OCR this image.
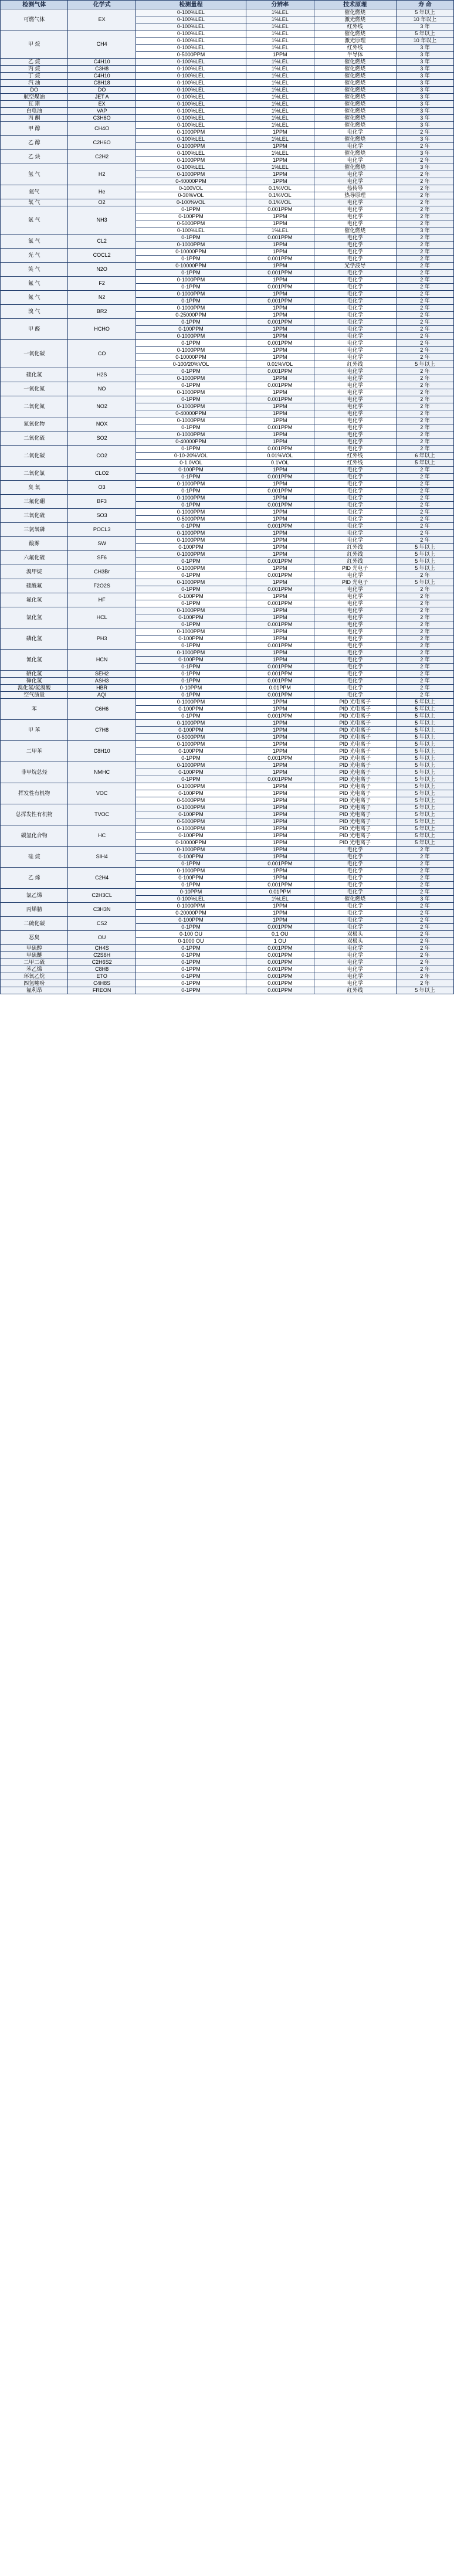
检测气体	化学式	检测量程	分辨率	技术原理	寿 命
可燃气体	EX	0-100%LEL	1%LEL	催化燃烧	5 年以上
		0-100%LEL	1%LEL	激光燃烧	10 年以上
		0-100%LEL	1%LEL	红外线	3 年
甲 烷	CH4	0-100%LEL	1%LEL	催化燃烧	5 年以上
		0-100%LEL	1%LEL	激光原理	10 年以上
		0-100%LEL	1%LEL	红外线	3 年
		0-5000PPM	1PPM	半导体	3 年
乙 烷	C4H10	0-100%LEL	1%LEL	催化燃烧	3 年
丙 烷	C3H8	0-100%LEL	1%LEL	催化燃烧	3 年
丁 烷	C4H10	0-100%LEL	1%LEL	催化燃烧	3 年
汽 油	C8H18	0-100%LEL	1%LEL	催化燃烧	3 年
DO	DO	0-100%LEL	1%LEL	催化燃烧	3 年
航空煤油	JET A	0-100%LEL	1%LEL	催化燃烧	3 年
瓦 斯	EX	0-100%LEL	1%LEL	催化燃烧	3 年
白电油	VAP	0-100%LEL	1%LEL	催化燃烧	3 年
丙 酮	C3H6O	0-100%LEL	1%LEL	催化燃烧	3 年
甲 醇	CH4O	0-100%LEL	1%LEL	催化燃烧	3 年
		0-1000PPM	1PPM	电化学	2 年
乙 醇	C2H6O	0-100%LEL	1%LEL	催化燃烧	3 年
		0-1000PPM	1PPM	电化学	2 年
乙 炔	C2H2	0-100%LEL	1%LEL	催化燃烧	3 年
		0-1000PPM	1PPM	电化学	2 年
氢 气	H2	0-100%LEL	1%LEL	催化燃烧	3 年
		0-1000PPM	1PPM	电化学	2 年
		0-40000PPM	1PPM	电化学	2 年
氦气	He	0-100VOL	0.1%VOL	热传导	2 年
		0-30%VOL	0.1%VOL	热导原理	2 年
氧 气	O2	0-100%VOL	0.1%VOL	电化学	2 年
氨 气	NH3	0-1PPM	0.001PPM	电化学	2 年
		0-100PPM	1PPM	电化学	2 年
		0-5000PPM	1PPM	电化学	2 年
		0-100%LEL	1%LEL	催化燃烧	3 年
氯 气	CL2	0-1PPM	0.001PPM	电化学	2 年
		0-1000PPM	1PPM	电化学	2 年
光 气	COCL2	0-10000PPM	1PPM	电化学	2 年
		0-1PPM	0.001PPM	电化学	2 年
笑 气	N2O	0-10000PPM	1PPM	光学波导	2 年
		0-1PPM	0.001PPM	电化学	2 年
氟 气	F2	0-1000PPM	1PPM	电化学	2 年
		0-1PPM	0.001PPM	电化学	2 年
氮 气	N2	0-1000PPM	1PPM	电化学	2 年
		0-1PPM	0.001PPM	电化学	2 年
溴 气	BR2	0-1000PPM	1PPM	电化学	2 年
		0-25000PPM	1PPM	电化学	2 年
甲 醛	HCHO	0-1PPM	0.001PPM	电化学	2 年
		0-100PPM	1PPM	电化学	2 年
		0-1000PPM	1PPM	电化学	2 年
一氧化碳	CO	0-1PPM	0.001PPM	电化学	2 年
		0-1000PPM	1PPM	电化学	2 年
		0-10000PPM	1PPM	电化学	2 年
		0-100/20%VOL	0.01%VOL	红外线	5 年以上
硫化氢	H2S	0-1PPM	0.001PPM	电化学	2 年
		0-1000PPM	1PPM	电化学	2 年
一氧化氮	NO	0-1PPM	0.001PPM	电化学	2 年
		0-1000PPM	1PPM	电化学	2 年
二氧化氮	NO2	0-1PPM	0.001PPM	电化学	2 年
		0-1000PPM	1PPM	电化学	2 年
		0-40000PPM	1PPM	电化学	2 年
氮氧化物	NOX	0-1000PPM	1PPM	电化学	2 年
		0-1PPM	0.001PPM	电化学	2 年
二氧化硫	SO2	0-1000PPM	1PPM	电化学	2 年
		0-40000PPM	1PPM	电化学	2 年
二氧化碳	CO2	0-1PPM	0.001PPM	电化学	2 年
		0-10-20%VOL	0.01%VOL	红外线	6 年以上
		0-1.0VOL	0.1VOL	红外线	5 年以上
二氧化氯	CLO2	0-100PPM	1PPM	电化学	2 年
		0-1PPM	0.001PPM	电化学	2 年
臭 氧	O3	0-1000PPM	1PPM	电化学	2 年
		0-1PPM	0.001PPM	电化学	2 年
三氟化硼	BF3	0-1000PPM	1PPM	电化学	2 年
		0-1PPM	0.001PPM	电化学	2 年
三氧化硫	SO3	0-1000PPM	1PPM	电化学	2 年
		0-5000PPM	1PPM	电化学	2 年
三氯氧磷	POCL3	0-1PPM	0.001PPM	电化学	2 年
		0-1000PPM	1PPM	电化学	2 年
酸雾	SW	0-1000PPM	1PPM	电化学	2 年
		0-100PPM	1PPM	红外线	5 年以上
六氟化硫	SF6	0-1000PPM	1PPM	红外线	5 年以上
		0-1PPM	0.001PPM	红外线	5 年以上
溴甲烷	CH3Br	0-1000PPM	1PPM	PID 光电子	5 年以上
		0-1PPM	0.001PPM	电化学	2 年
硫酰氟	F2O2S	0-1000PPM	1PPM	PID 光电子	5 年以上
		0-1PPM	0.001PPM	电化学	2 年
氟化氢	HF	0-100PPM	1PPM	电化学	2 年
		0-1PPM	0.001PPM	电化学	2 年
氯化氢	HCL	0-1000PPM	1PPM	电化学	2 年
		0-100PPM	1PPM	电化学	2 年
		0-1PPM	0.001PPM	电化学	2 年
磷化氢	PH3	0-1000PPM	1PPM	电化学	2 年
		0-100PPM	1PPM	电化学	2 年
		0-1PPM	0.001PPM	电化学	2 年
氰化氢	HCN	0-1000PPM	1PPM	电化学	2 年
		0-100PPM	1PPM	电化学	2 年
		0-1PPM	0.001PPM	电化学	2 年
硒化氢	SEH2	0-1PPM	0.001PPM	电化学	2 年
砷化氢	ASH3	0-1PPM	0.001PPM	电化学	2 年
溴化氢/氢溴酸	HBR	0-10PPM	0.01PPM	电化学	2 年
空气质量	AQI	0-1PPM	0.001PPM	电化学	2 年
苯	C6H6	0-1000PPM	1PPM	PID 光电离子	5 年以上
		0-100PPM	1PPM	PID 光电离子	5 年以上
		0-1PPM	0.001PPM	PID 光电离子	5 年以上
甲 苯	C7H8	0-1000PPM	1PPM	PID 光电离子	5 年以上
		0-100PPM	1PPM	PID 光电离子	5 年以上
		0-5000PPM	1PPM	PID 光电离子	5 年以上
二甲苯	C8H10	0-1000PPM	1PPM	PID 光电离子	5 年以上
		0-100PPM	1PPM	PID 光电离子	5 年以上
		0-1PPM	0.001PPM	PID 光电离子	5 年以上
非甲烷总烃	NMHC	0-1000PPM	1PPM	PID 光电离子	5 年以上
		0-100PPM	1PPM	PID 光电离子	5 年以上
		0-1PPM	0.001PPM	PID 光电离子	5 年以上
挥发性有机物	VOC	0-1000PPM	1PPM	PID 光电离子	5 年以上
		0-100PPM	1PPM	PID 光电离子	5 年以上
		0-5000PPM	1PPM	PID 光电离子	5 年以上
总挥发性有机物	TVOC	0-1000PPM	1PPM	PID 光电离子	5 年以上
		0-100PPM	1PPM	PID 光电离子	5 年以上
		0-5000PPM	1PPM	PID 光电离子	5 年以上
碳氢化合物	HC	0-1000PPM	1PPM	PID 光电离子	5 年以上
		0-100PPM	1PPM	PID 光电离子	5 年以上
		0-10000PPM	1PPM	PID 光电离子	5 年以上
硅 烷	SIH4	0-1000PPM	1PPM	电化学	2 年
		0-100PPM	1PPM	电化学	2 年
		0-1PPM	0.001PPM	电化学	2 年
乙 烯	C2H4	0-1000PPM	1PPM	电化学	2 年
		0-100PPM	1PPM	电化学	2 年
		0-1PPM	0.001PPM	电化学	2 年
氯乙烯	C2H3CL	0-10PPM	0.01PPM	电化学	2 年
		0-100%LEL	1%LEL	催化燃烧	3 年
丙烯腈	C3H3N	0-1000PPM	1PPM	电化学	2 年
		0-20000PPM	1PPM	电化学	2 年
二硫化碳	CS2	0-100PPM	1PPM	电化学	2 年
		0-1PPM	0.001PPM	电化学	2 年
恶臭	OU	0-100 OU	0.1 OU	双极头	2 年
		0-1000 OU	1 OU	双极头	2 年
甲硫醇	CH4S	0-1PPM	0.001PPM	电化学	2 年
甲硫醚	C2S6H	0-1PPM	0.001PPM	电化学	2 年
二甲二硫	C2H6S2	0-1PPM	0.001PPM	电化学	2 年
苯乙烯	C8H8	0-1PPM	0.001PPM	电化学	2 年
环氧乙烷	ETO	0-1PPM	0.001PPM	电化学	2 年
四氢噻吩	C4H8S	0-1PPM	0.001PPM	电化学	2 年
氟利昂	FREON	0-1PPM	0.001PPM	红外线	5 年以上
